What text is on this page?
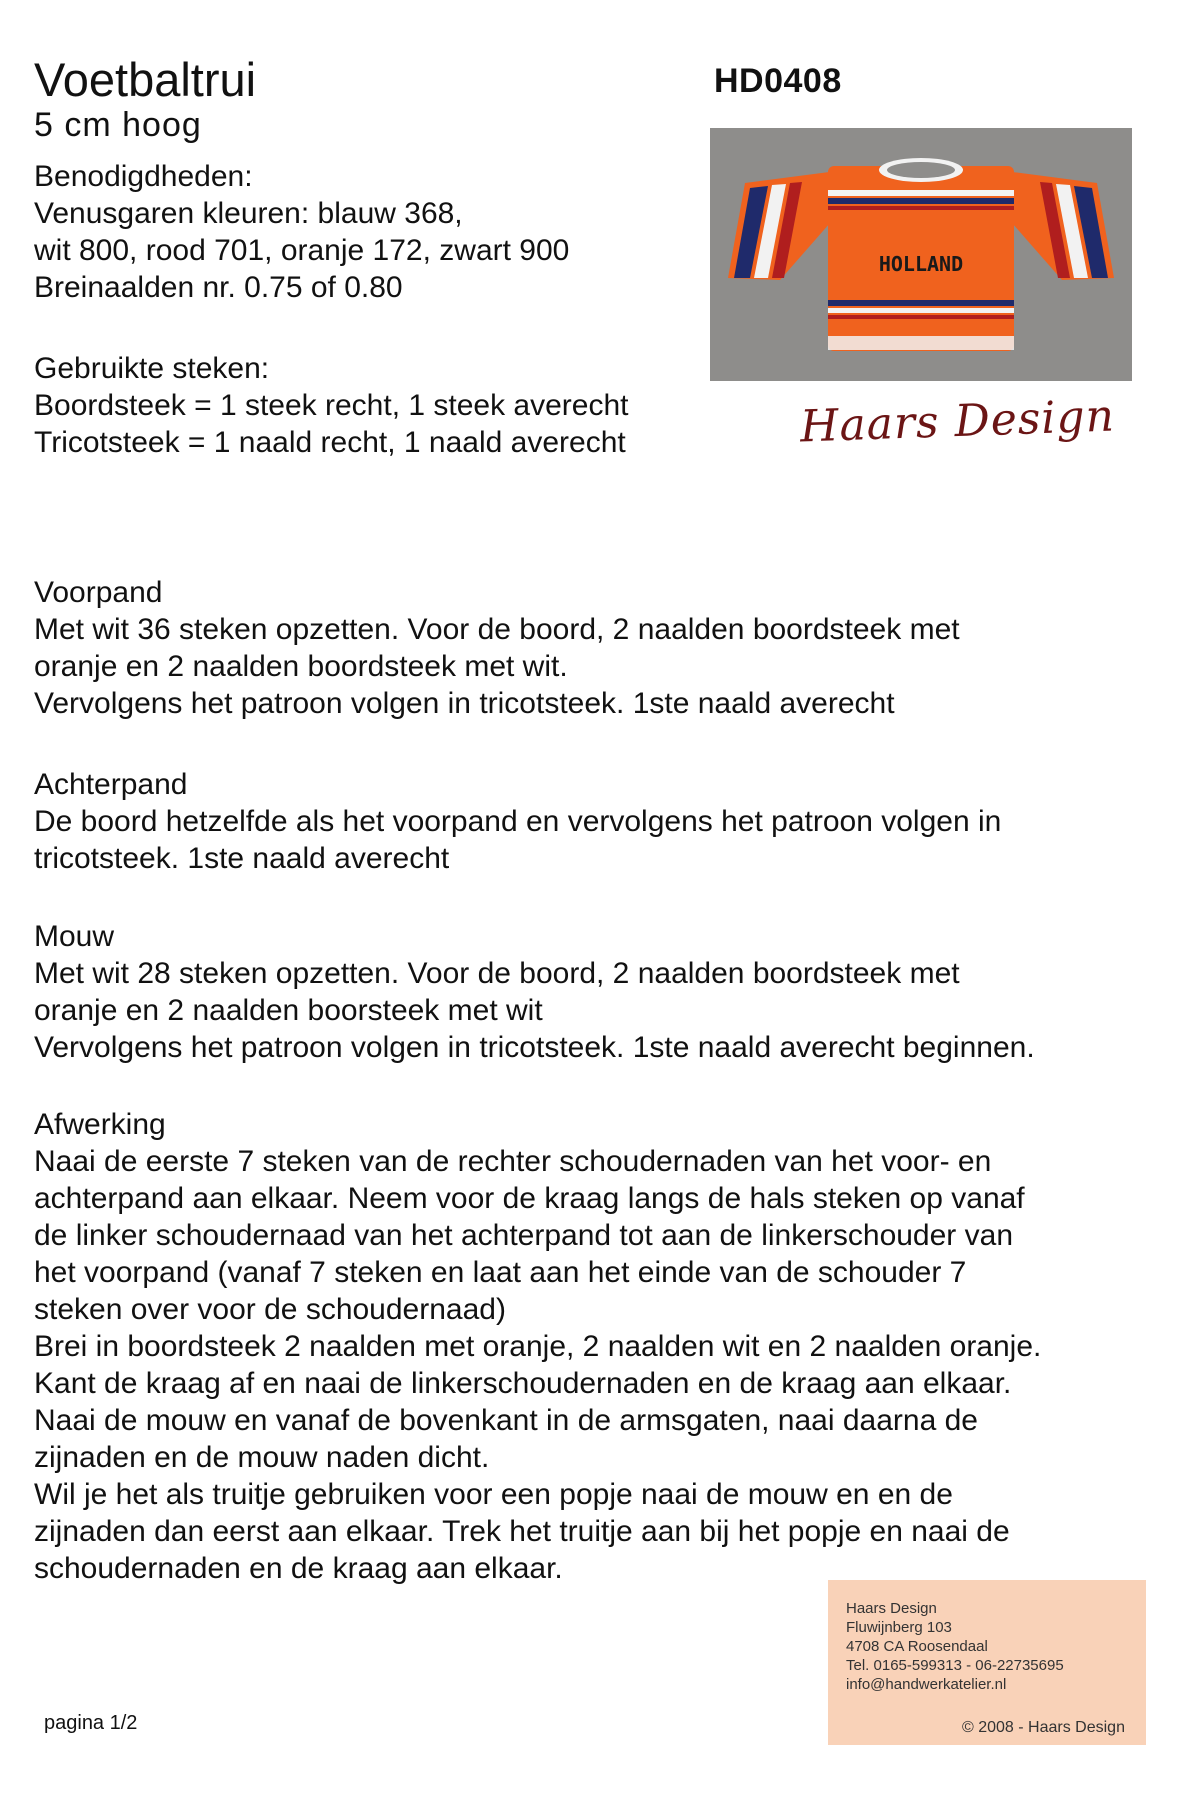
Voetbaltrui	HD0408
5 cm hoog
Benodigdheden:
Venusgaren kleuren: blauw 368,
wit 800, rood 701, oranje 172, zwart 900
Breinaalden nr. 0.75 of 0.80
Gebruikte steken:
Boordsteek = 1 steek recht, 1 steek averecht
Tricotsteek = 1 naald recht, 1 naald averecht
HOLLAND
Haars Design
Voorpand
Met wit 36 steken opzetten. Voor de boord, 2 naalden boordsteek met
oranje en 2 naalden boordsteek met wit.
Vervolgens het patroon volgen in tricotsteek. 1ste naald averecht
Achterpand
De boord hetzelfde als het voorpand en vervolgens het patroon volgen in
tricotsteek. 1ste naald averecht
Mouw
Met wit 28 steken opzetten. Voor de boord, 2 naalden boordsteek met
oranje en 2 naalden boorsteek met wit
Vervolgens het patroon volgen in tricotsteek. 1ste naald averecht beginnen.
Afwerking
Naai de eerste 7 steken van de rechter schoudernaden van het voor- en
achterpand aan elkaar. Neem voor de kraag langs de hals steken op vanaf
de linker schoudernaad van het achterpand tot aan de linkerschouder van
het voorpand (vanaf 7 steken en laat aan het einde van de schouder 7
steken over voor de schoudernaad)
Brei in boordsteek 2 naalden met oranje, 2 naalden wit en 2 naalden oranje.
Kant de kraag af en naai de linkerschoudernaden en de kraag aan elkaar.
Naai de mouw en vanaf de bovenkant in de armsgaten, naai daarna de
zijnaden en de mouw naden dicht.
Wil je het als truitje gebruiken voor een popje naai de mouw en en de
zijnaden dan eerst aan elkaar. Trek het truitje aan bij het popje en naai de
schoudernaden en de kraag aan elkaar.
Haars Design
Fluwijnberg 103
4708 CA Roosendaal
Tel. 0165-599313 - 06-22735695
info@handwerkatelier.nl
© 2008 - Haars Design
pagina 1/2
